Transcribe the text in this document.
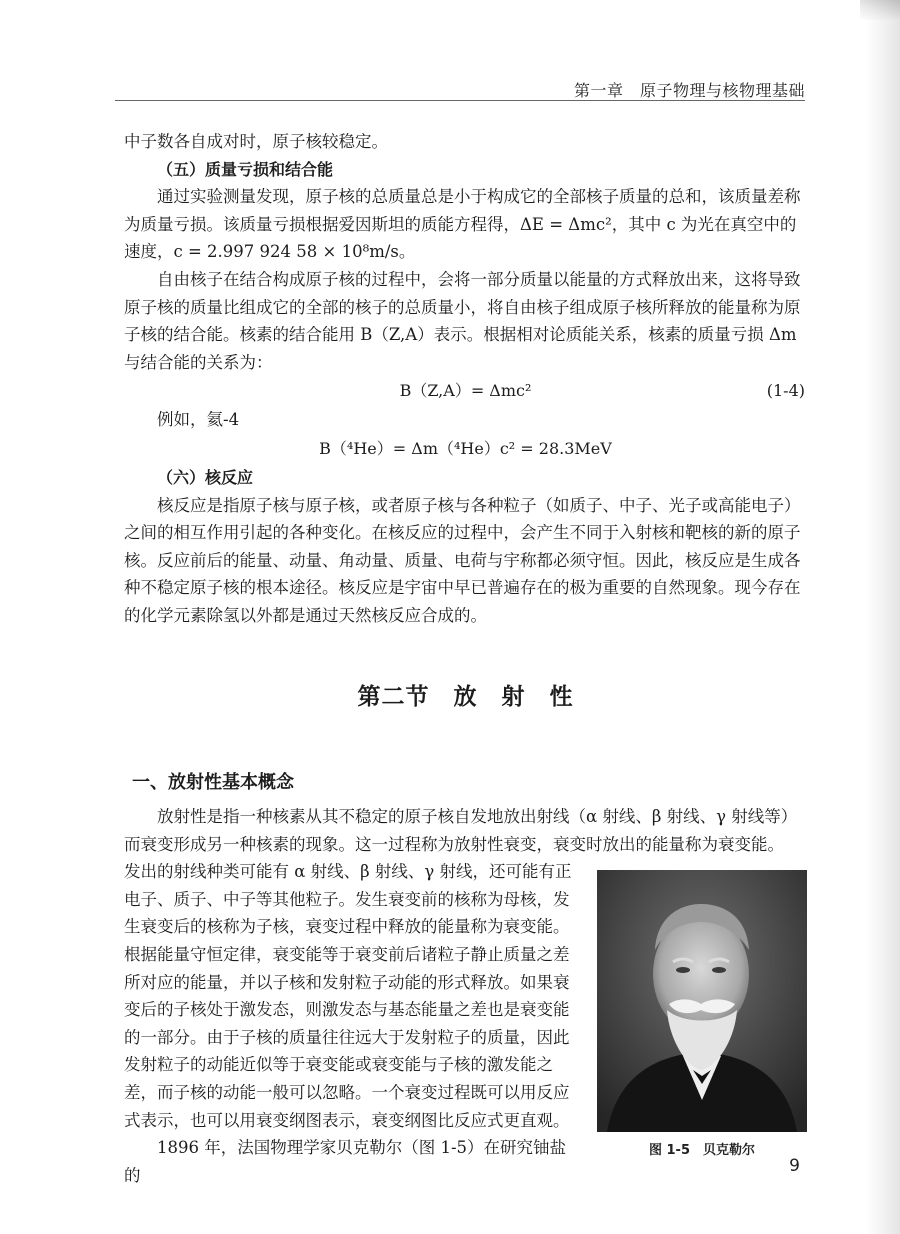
第一章　原子物理与核物理基础

中子数各自成对时，原子核较稳定。

（五）质量亏损和结合能

通过实验测量发现，原子核的总质量总是小于构成它的全部核子质量的总和，该质量差称为质量亏损。该质量亏损根据爱因斯坦的质能方程得，ΔE = Δmc²，其中 c 为光在真空中的速度，c = 2.997 924 58 × 10⁸m/s。

自由核子在结合构成原子核的过程中，会将一部分质量以能量的方式释放出来，这将导致原子核的质量比组成它的全部的核子的总质量小，将自由核子组成原子核所释放的能量称为原子核的结合能。核素的结合能用 B（Z,A）表示。根据相对论质能关系，核素的质量亏损 Δm 与结合能的关系为：

B（Z,A）= Δmc²	(1-4)

例如，氦-4

B（⁴He）= Δm（⁴He）c² = 28.3MeV

（六）核反应

核反应是指原子核与原子核，或者原子核与各种粒子（如质子、中子、光子或高能电子）之间的相互作用引起的各种变化。在核反应的过程中，会产生不同于入射核和靶核的新的原子核。反应前后的能量、动量、角动量、质量、电荷与宇称都必须守恒。因此，核反应是生成各种不稳定原子核的根本途径。核反应是宇宙中早已普遍存在的极为重要的自然现象。现今存在的化学元素除氢以外都是通过天然核反应合成的。

第二节　放　射　性
一、放射性基本概念

放射性是指一种核素从其不稳定的原子核自发地放出射线（α 射线、β 射线、γ 射线等）而衰变形成另一种核素的现象。这一过程称为放射性衰变，衰变时放出的能量称为衰变能。

发出的射线种类可能有 α 射线、β 射线、γ 射线，还可能有正电子、质子、中子等其他粒子。发生衰变前的核称为母核，发生衰变后的核称为子核，衰变过程中释放的能量称为衰变能。根据能量守恒定律，衰变能等于衰变前后诸粒子静止质量之差所对应的能量，并以子核和发射粒子动能的形式释放。如果衰变后的子核处于激发态，则激发态与基态能量之差也是衰变能的一部分。由于子核的质量往往远大于发射粒子的质量，因此发射粒子的动能近似等于衰变能或衰变能与子核的激发能之差，而子核的动能一般可以忽略。一个衰变过程既可以用反应式表示，也可以用衰变纲图表示，衰变纲图比反应式更直观。

1896 年，法国物理学家贝克勒尔（图 1-5）在研究铀盐的

图 1-5　贝克勒尔
9
